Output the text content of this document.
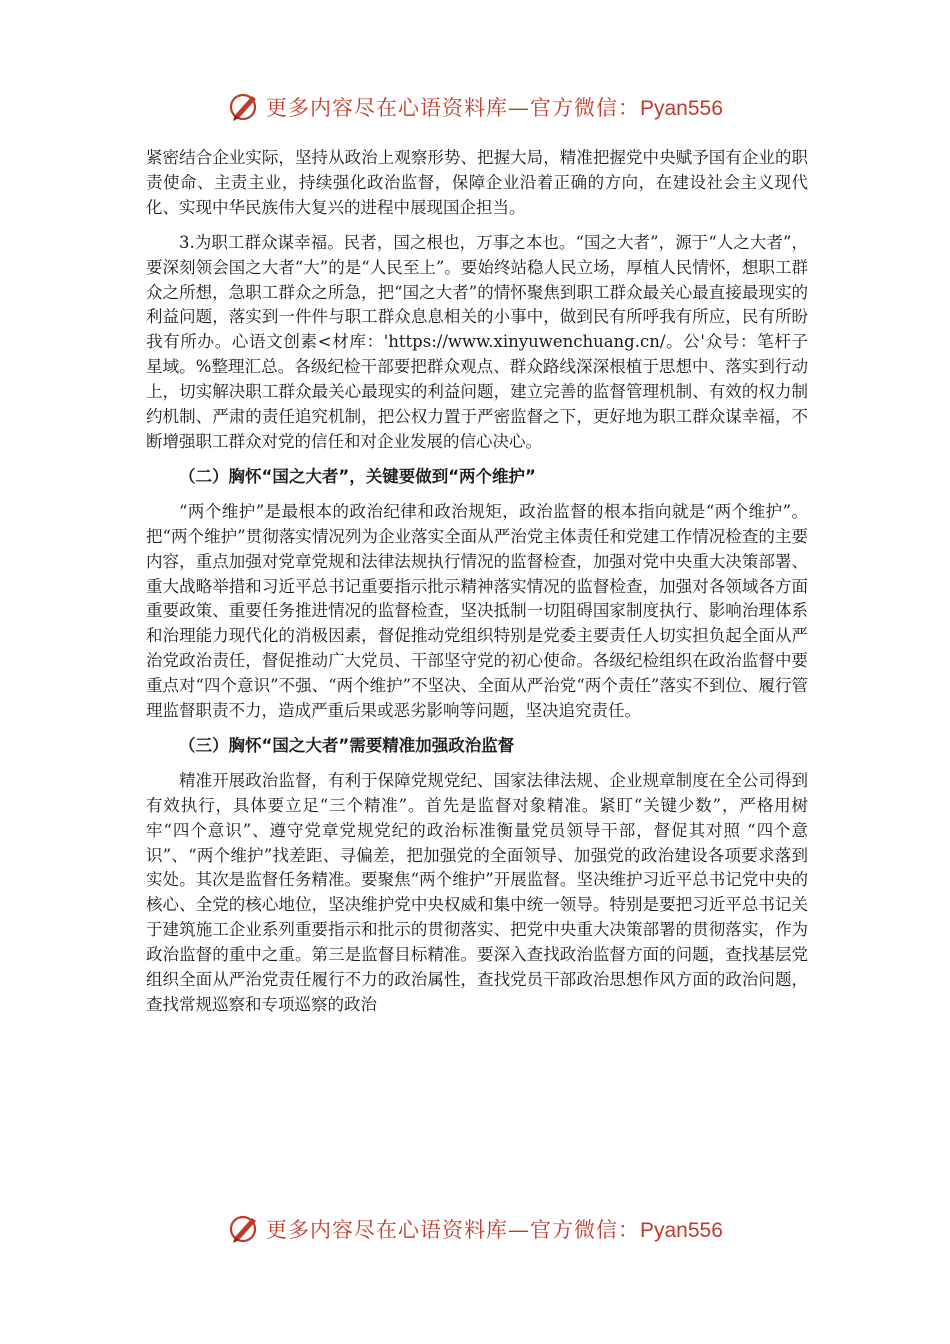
更多内容尽在心语资料库—官方微信：Pyan556

紧密结合企业实际，坚持从政治上观察形势、把握大局，精准把握党中央赋予国有企业的职责使命、主责主业，持续强化政治监督，保障企业沿着正确的方向，在建设社会主义现代化、实现中华民族伟大复兴的进程中展现国企担当。

3.为职工群众谋幸福。民者，国之根也，万事之本也。“国之大者”，源于“人之大者”，要深刻领会国之大者“大”的是“人民至上”。要始终站稳人民立场，厚植人民情怀，想职工群众之所想，急职工群众之所急，把“国之大者”的情怀聚焦到职工群众最关心最直接最现实的利益问题，落实到一件件与职工群众息息相关的小事中，做到民有所呼我有所应，民有所盼我有所办。心语文创素<材库：'https://www.xinyuwenchuang.cn/。公'众号：笔杆子星域。%整理汇总。各级纪检干部要把群众观点、群众路线深深根植于思想中、落实到行动上，切实解决职工群众最关心最现实的利益问题，建立完善的监督管理机制、有效的权力制约机制、严肃的责任追究机制，把公权力置于严密监督之下，更好地为职工群众谋幸福，不断增强职工群众对党的信任和对企业发展的信心决心。

（二）胸怀“国之大者”，关键要做到“两个维护”

“两个维护”是最根本的政治纪律和政治规矩，政治监督的根本指向就是“两个维护”。把“两个维护”贯彻落实情况列为企业落实全面从严治党主体责任和党建工作情况检查的主要内容，重点加强对党章党规和法律法规执行情况的监督检查，加强对党中央重大决策部署、重大战略举措和习近平总书记重要指示批示精神落实情况的监督检查，加强对各领域各方面重要政策、重要任务推进情况的监督检查，坚决抵制一切阻碍国家制度执行、影响治理体系和治理能力现代化的消极因素，督促推动党组织特别是党委主要责任人切实担负起全面从严治党政治责任，督促推动广大党员、干部坚守党的初心使命。各级纪检组织在政治监督中要重点对“四个意识”不强、“两个维护”不坚决、全面从严治党“两个责任”落实不到位、履行管理监督职责不力，造成严重后果或恶劣影响等问题，坚决追究责任。

（三）胸怀“国之大者”需要精准加强政治监督

精准开展政治监督，有利于保障党规党纪、国家法律法规、企业规章制度在全公司得到有效执行，具体要立足“三个精准”。首先是监督对象精准。紧盯“关键少数”，严格用树牢“四个意识”、遵守党章党规党纪的政治标准衡量党员领导干部，督促其对照 “四个意识”、“两个维护”找差距、寻偏差，把加强党的全面领导、加强党的政治建设各项要求落到实处。其次是监督任务精准。要聚焦“两个维护”开展监督。坚决维护习近平总书记党中央的核心、全党的核心地位，坚决维护党中央权威和集中统一领导。特别是要把习近平总书记关于建筑施工企业系列重要指示和批示的贯彻落实、把党中央重大决策部署的贯彻落实，作为政治监督的重中之重。第三是监督目标精准。要深入查找政治监督方面的问题，查找基层党组织全面从严治党责任履行不力的政治属性，查找党员干部政治思想作风方面的政治问题，查找常规巡察和专项巡察的政治

更多内容尽在心语资料库—官方微信：Pyan556
